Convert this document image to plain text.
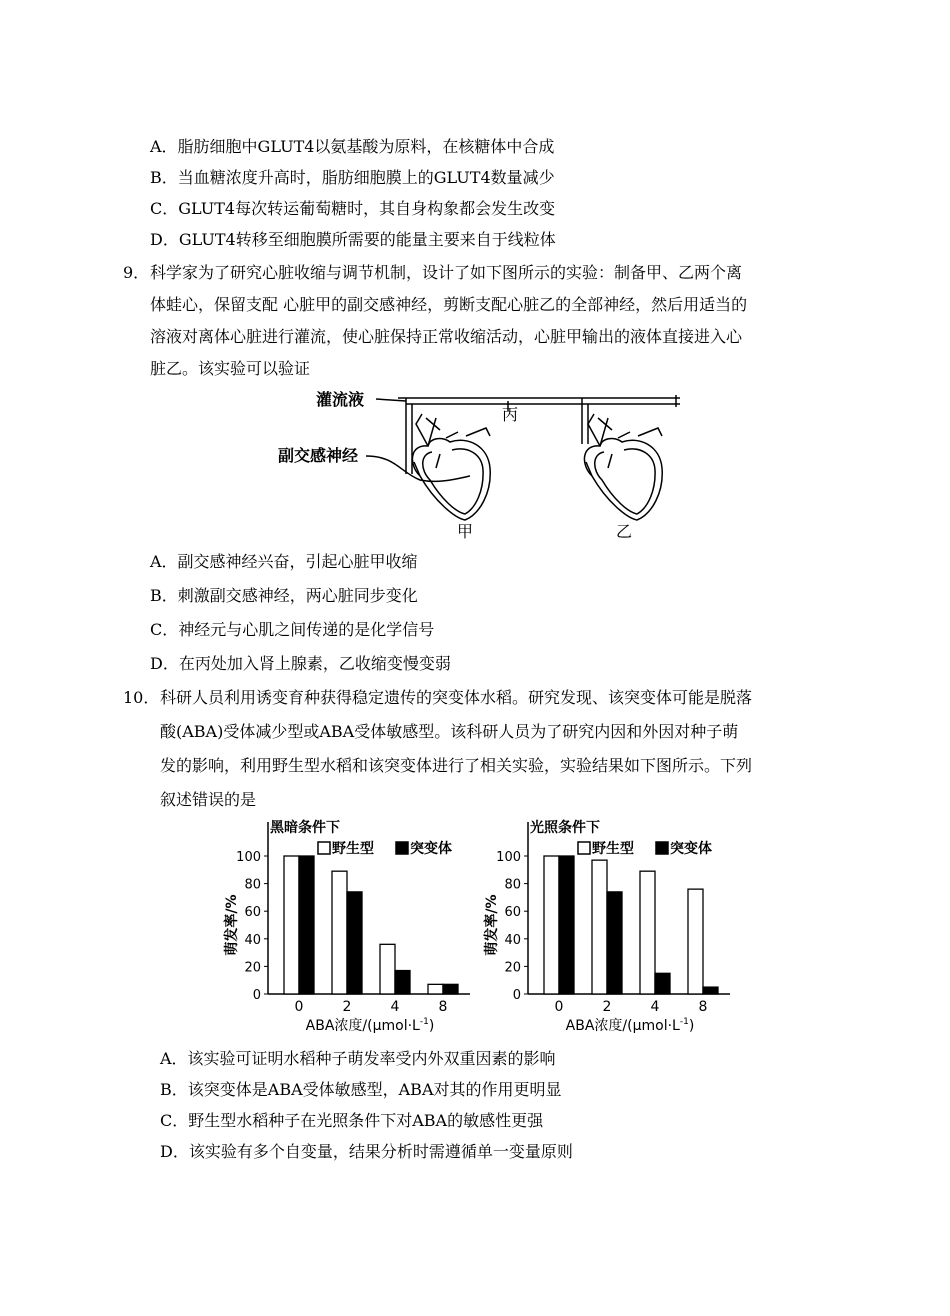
A．脂肪细胞中GLUT4以氨基酸为原料，在核糖体中合成
B．当血糖浓度升高时，脂肪细胞膜上的GLUT4数量减少
C．GLUT4每次转运葡萄糖时，其自身构象都会发生改变
D．GLUT4转移至细胞膜所需要的能量主要来自于线粒体
9． 科学家为了研究心脏收缩与调节机制，设计了如下图所示的实验：制备甲、乙两个离
体蛙心，保留支配 心脏甲的副交感神经，剪断支配心脏乙的全部神经，然后用适当的
溶液对离体心脏进行灌流，使心脏保持正常收缩活动，心脏甲输出的液体直接进入心
脏乙。该实验可以验证
灌流液
丙
副交感神经
甲	乙
A．副交感神经兴奋，引起心脏甲收缩
B．刺激副交感神经，两心脏同步变化
C．神经元与心肌之间传递的是化学信号
D．在丙处加入肾上腺素，乙收缩变慢变弱
10． 科研人员利用诱变育种获得稳定遗传的突变体水稻。研究发现、该突变体可能是脱落
酸(ABA)受体减少型或ABA受体敏感型。该科研人员为了研究内因和外因对种子萌
发的影响，利用野生型水稻和该突变体进行了相关实验，实验结果如下图所示。下列
叙述错误的是
0
20
40
60
80
100
0	2	4	8
黑暗条件下
野生型	突变体
萌发率/%
ABA浓度$/(\mu mol\cdot L^{-1})$
0
20
40
60
80
100
0	2	4	8
光照条件下
野生型	突变体
萌发率/%
ABA浓度$/(\mu mol\cdot L^{-1})$
A．该实验可证明水稻种子萌发率受内外双重因素的影响
B．该突变体是ABA受体敏感型，ABA对其的作用更明显
C．野生型水稻种子在光照条件下对ABA的敏感性更强
D．该实验有多个自变量，结果分析时需遵循单一变量原则
